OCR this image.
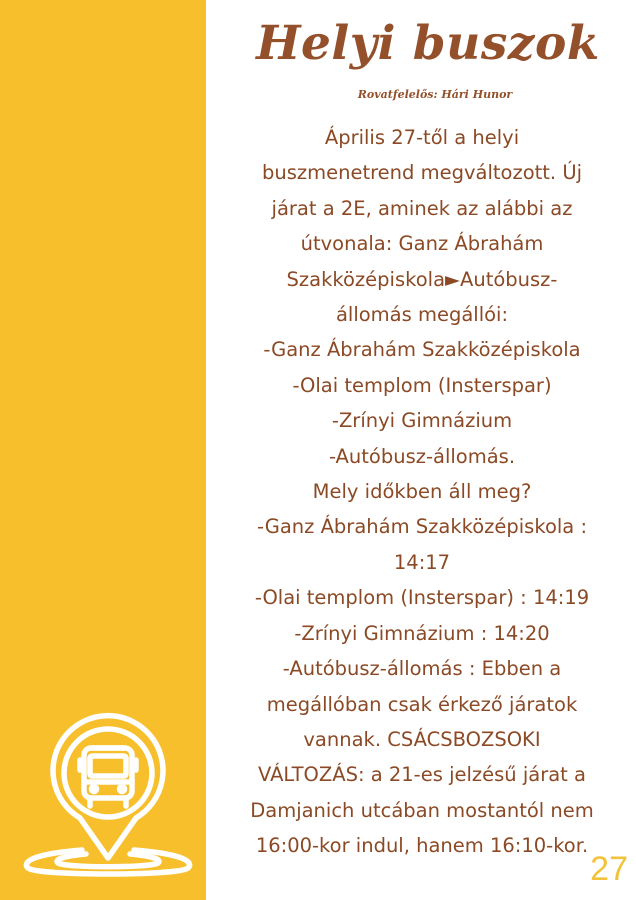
Helyi buszok
Rovatfelelős: Hári Hunor
Április 27-től a helyi
buszmenetrend megváltozott. Új
járat a 2E, aminek az alábbi az
útvonala: Ganz Ábrahám
Szakközépiskola►Autóbusz-
állomás megállói:
-Ganz Ábrahám Szakközépiskola
-Olai templom (Insterspar)
-Zrínyi Gimnázium
-Autóbusz-állomás.
Mely időkben áll meg?
-Ganz Ábrahám Szakközépiskola :
14:17
-Olai templom (Insterspar) : 14:19
-Zrínyi Gimnázium : 14:20
-Autóbusz-állomás : Ebben a
megállóban csak érkező járatok
vannak. CSÁCSBOZSOKI
VÁLTOZÁS: a 21-es jelzésű járat a
Damjanich utcában mostantól nem
16:00-kor indul, hanem 16:10-kor.
27
